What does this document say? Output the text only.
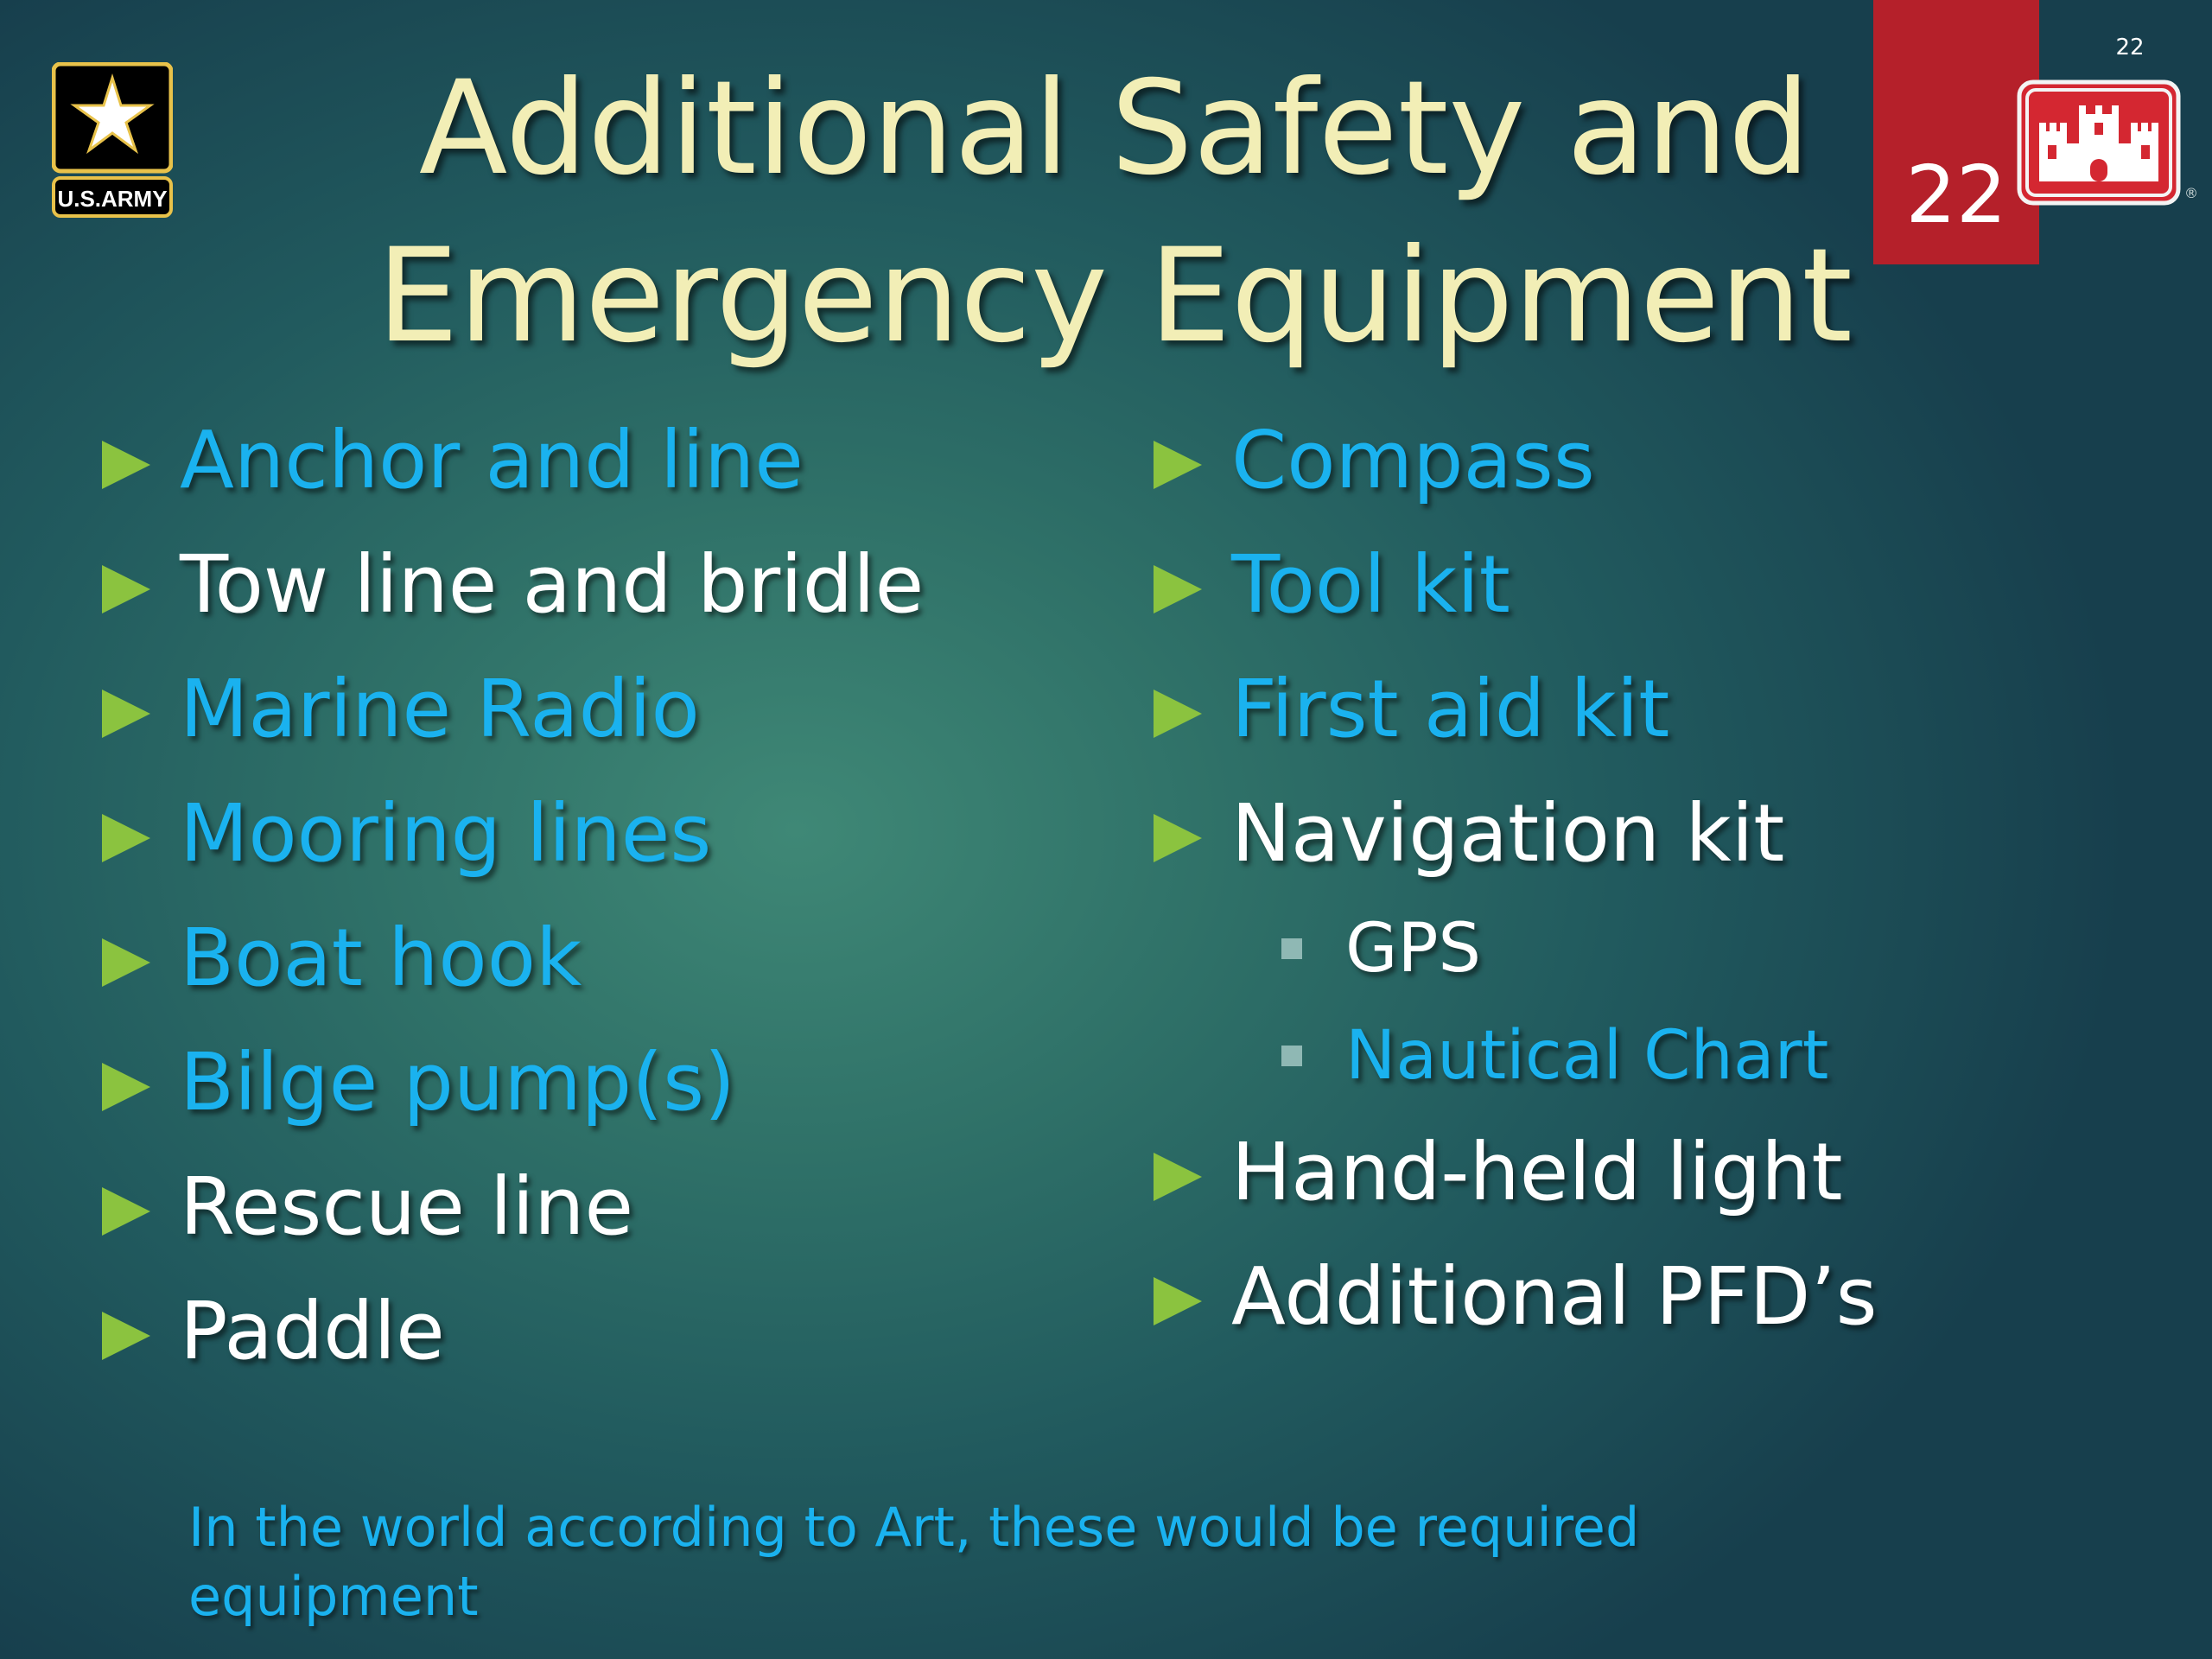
U.S.ARMY	Additional Safety and
Emergency Equipment
22
22
®
Anchor and line
Tow line and bridle
Marine Radio
Mooring lines
Boat hook
Bilge pump(s)
Rescue line
Paddle
Compass
Tool kit
First aid kit
Navigation kit
GPS
Nautical Chart
Hand-held light
Additional PFD’s
In the world according to Art, these would be required equipment
